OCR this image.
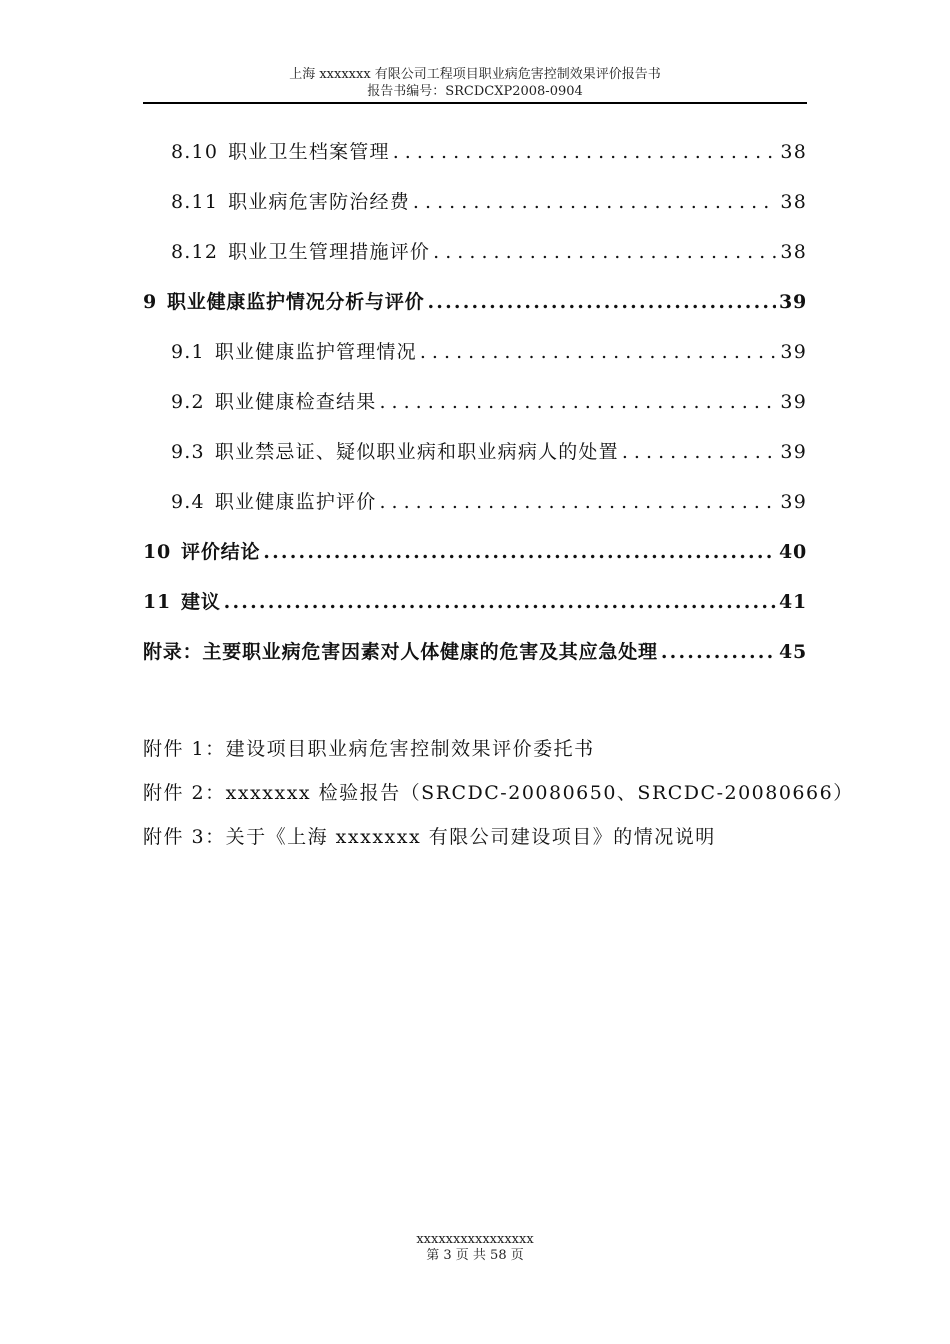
上海 xxxxxxx 有限公司工程项目职业病危害控制效果评价报告书
报告书编号：SRCDCXP2008-0904
8.10 职业卫生档案管理 . . .	38
8.11 职业病危害防治经费 . . .	38
8.12 职业卫生管理措施评价 . . .	38
9 职业健康监护情况分析与评价 .....	39
9.1 职业健康监护管理情况 . . .	39
9.2 职业健康检查结果 . . .	39
9.3 职业禁忌证、疑似职业病和职业病病人的处置 . . .	39
9.4 职业健康监护评价 . . .	39
10 评价结论 .....	40
11 建议 .....	41
附录：主要职业病危害因素对人体健康的危害及其应急处理 .....	45
附件 1：建设项目职业病危害控制效果评价委托书
附件 2：xxxxxxx 检验报告（SRCDC-20080650、SRCDC-20080666）
附件 3：关于《上海 xxxxxxx 有限公司建设项目》的情况说明
xxxxxxxxxxxxxxxx
第 3 页 共 58 页
